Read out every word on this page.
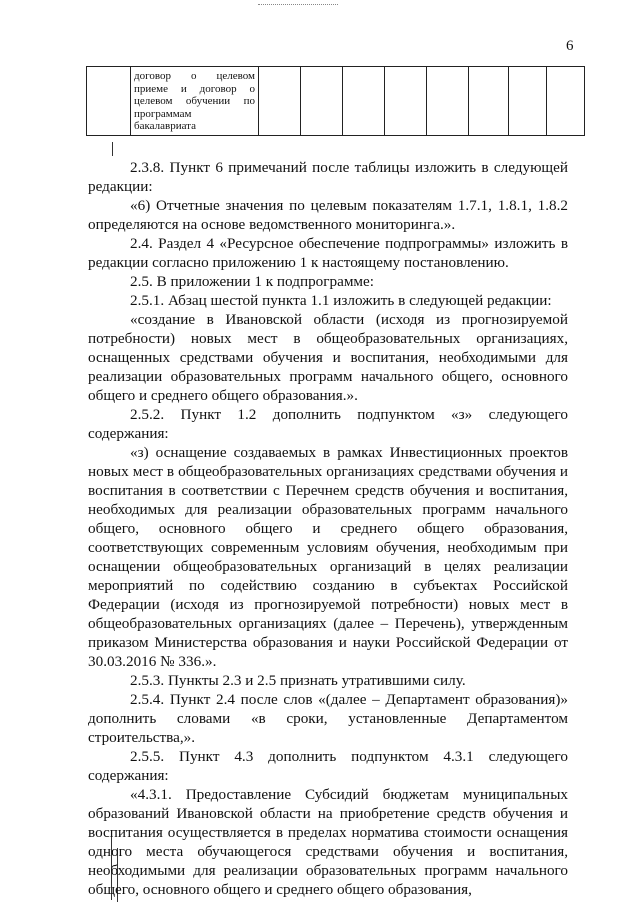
6

договор о целевом приеме и договор о целевом обучении по программам бакалавриата

2.3.8. Пункт 6 примечаний после таблицы изложить в следующей редакции:

«6) Отчетные значения по целевым показателям 1.7.1, 1.8.1, 1.8.2 определяются на основе ведомственного мониторинга.».

2.4. Раздел 4 «Ресурсное обеспечение подпрограммы» изложить в редакции согласно приложению 1 к настоящему постановлению.

2.5. В приложении 1 к подпрограмме:

2.5.1. Абзац шестой пункта 1.1 изложить в следующей редакции:

«создание в Ивановской области (исходя из прогнозируемой потребности) новых мест в общеобразовательных организациях, оснащенных средствами обучения и воспитания, необходимыми для реализации образовательных программ начального общего, основного общего и среднего общего образования.».

2.5.2. Пункт 1.2 дополнить подпунктом «з» следующего содержания:

«з) оснащение создаваемых в рамках Инвестиционных проектов новых мест в общеобразовательных организациях средствами обучения и воспитания в соответствии с Перечнем средств обучения и воспитания, необходимых для реализации образовательных программ начального общего, основного общего и среднего общего образования, соответствующих современным условиям обучения, необходимым при оснащении общеобразовательных организаций в целях реализации мероприятий по содействию созданию в субъектах Российской Федерации (исходя из прогнозируемой потребности) новых мест в общеобразовательных организациях (далее – Перечень), утвержденным приказом Министерства образования и науки Российской Федерации от 30.03.2016 № 336.».

2.5.3. Пункты 2.3 и 2.5 признать утратившими силу.

2.5.4. Пункт 2.4 после слов «(далее – Департамент образования)» дополнить словами «в сроки, установленные Департаментом строительства,».

2.5.5. Пункт 4.3 дополнить подпунктом 4.3.1 следующего содержания:

«4.3.1. Предоставление Субсидий бюджетам муниципальных образований Ивановской области на приобретение средств обучения и воспитания осуществляется в пределах норматива стоимости оснащения одного места обучающегося средствами обучения и воспитания, необходимыми для реализации образовательных программ начального общего, основного общего и среднего общего образования,
